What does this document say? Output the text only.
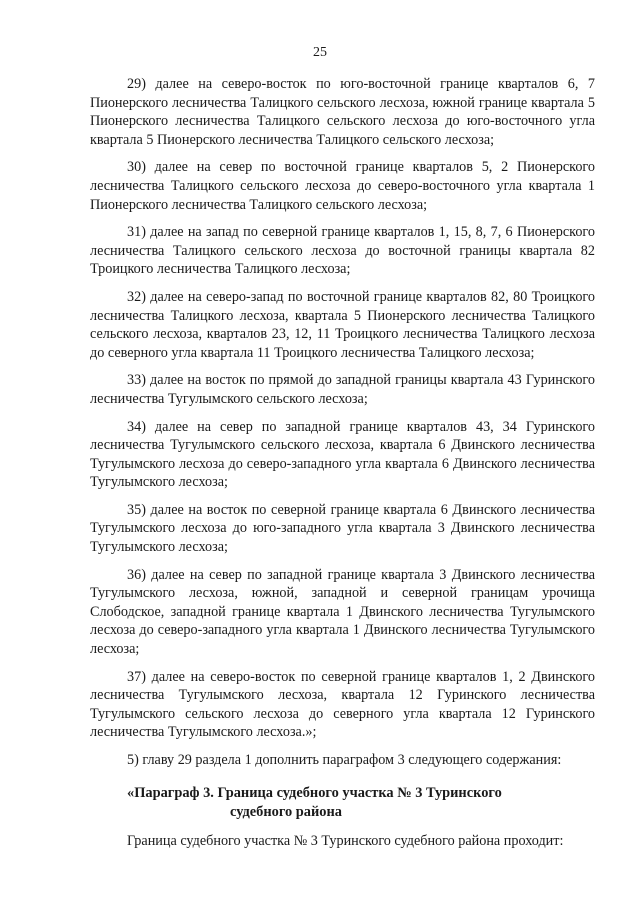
25

29) далее на северо-восток по юго-восточной границе кварталов 6, 7 Пионерского лесничества Талицкого сельского лесхоза, южной границе квартала 5 Пионерского лесничества Талицкого сельского лесхоза до юго-восточного угла квартала 5 Пионерского лесничества Талицкого сельского лесхоза;

30) далее на север по восточной границе кварталов 5, 2 Пионерского лесничества Талицкого сельского лесхоза до северо-восточного угла квартала 1 Пионерского лесничества Талицкого сельского лесхоза;

31) далее на запад по северной границе кварталов 1, 15, 8, 7, 6 Пионерского лесничества Талицкого сельского лесхоза до восточной границы квартала 82 Троицкого лесничества Талицкого лесхоза;

32) далее на северо-запад по восточной границе кварталов 82, 80 Троицкого лесничества Талицкого лесхоза, квартала 5 Пионерского лесничества Талицкого сельского лесхоза, кварталов 23, 12, 11 Троицкого лесничества Талицкого лесхоза до северного угла квартала 11 Троицкого лесничества Талицкого лесхоза;

33) далее на восток по прямой до западной границы квартала 43 Гуринского лесничества Тугулымского сельского лесхоза;

34) далее на север по западной границе кварталов 43, 34 Гуринского лесничества Тугулымского сельского лесхоза, квартала 6 Двинского лесничества Тугулымского лесхоза до северо-западного угла квартала 6 Двинского лесничества Тугулымского лесхоза;

35) далее на восток по северной границе квартала 6 Двинского лесничества Тугулымского лесхоза до юго-западного угла квартала 3 Двинского лесничества Тугулымского лесхоза;

36) далее на север по западной границе квартала 3 Двинского лесничества Тугулымского лесхоза, южной, западной и северной границам урочища Слободское, западной границе квартала 1 Двинского лесничества Тугулымского лесхоза до северо-западного угла квартала 1 Двинского лесничества Тугулымского лесхоза;

37) далее на северо-восток по северной границе кварталов 1, 2 Двинского лесничества Тугулымского лесхоза, квартала 12 Гуринского лесничества Тугулымского сельского лесхоза до северного угла квартала 12 Гуринского лесничества Тугулымского лесхоза.»;

5) главу 29 раздела 1 дополнить параграфом 3 следующего содержания:

«Параграф 3. Граница судебного участка № 3 Туринского
судебного района

Граница судебного участка № 3 Туринского судебного района проходит:
